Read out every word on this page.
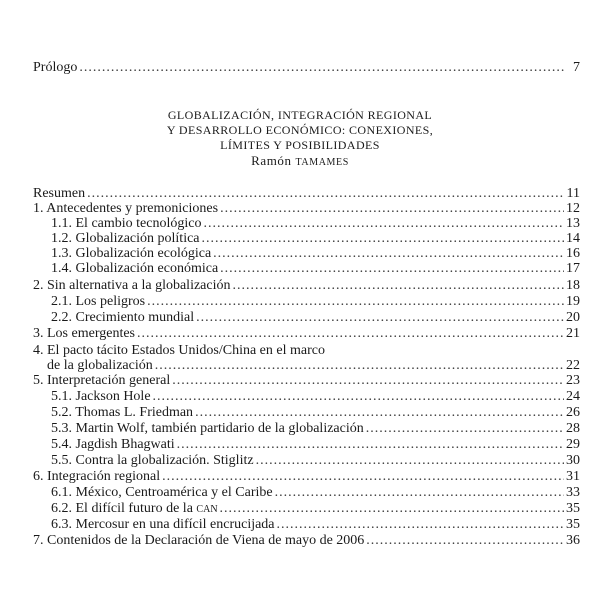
Prólogo .....	7
GLOBALIZACIÓN, INTEGRACIÓN REGIONAL
Y DESARROLLO ECONÓMICO: CONEXIONES,
LÍMITES Y POSIBILIDADES
Ramón TAMAMES
Resumen .....	11
1. Antecedentes y premoniciones .....	12
1.1. El cambio tecnológico .....	13
1.2. Globalización política .....	14
1.3. Globalización ecológica .....	16
1.4. Globalización económica .....	17
2. Sin alternativa a la globalización .....	18
2.1. Los peligros .....	19
2.2. Crecimiento mundial .....	20
3. Los emergentes .....	21
4. El pacto tácito Estados Unidos/China en el marco
de la globalización .....	22
5. Interpretación general .....	23
5.1. Jackson Hole .....	24
5.2. Thomas L. Friedman .....	26
5.3. Martin Wolf, también partidario de la globalización .....	28
5.4. Jagdish Bhagwati .....	29
5.5. Contra la globalización. Stiglitz .....	30
6. Integración regional .....	31
6.1. México, Centroamérica y el Caribe .....	33
6.2. El difícil futuro de la CAN .....	35
6.3. Mercosur en una difícil encrucijada .....	35
7. Contenidos de la Declaración de Viena de mayo de 2006 .....	36
